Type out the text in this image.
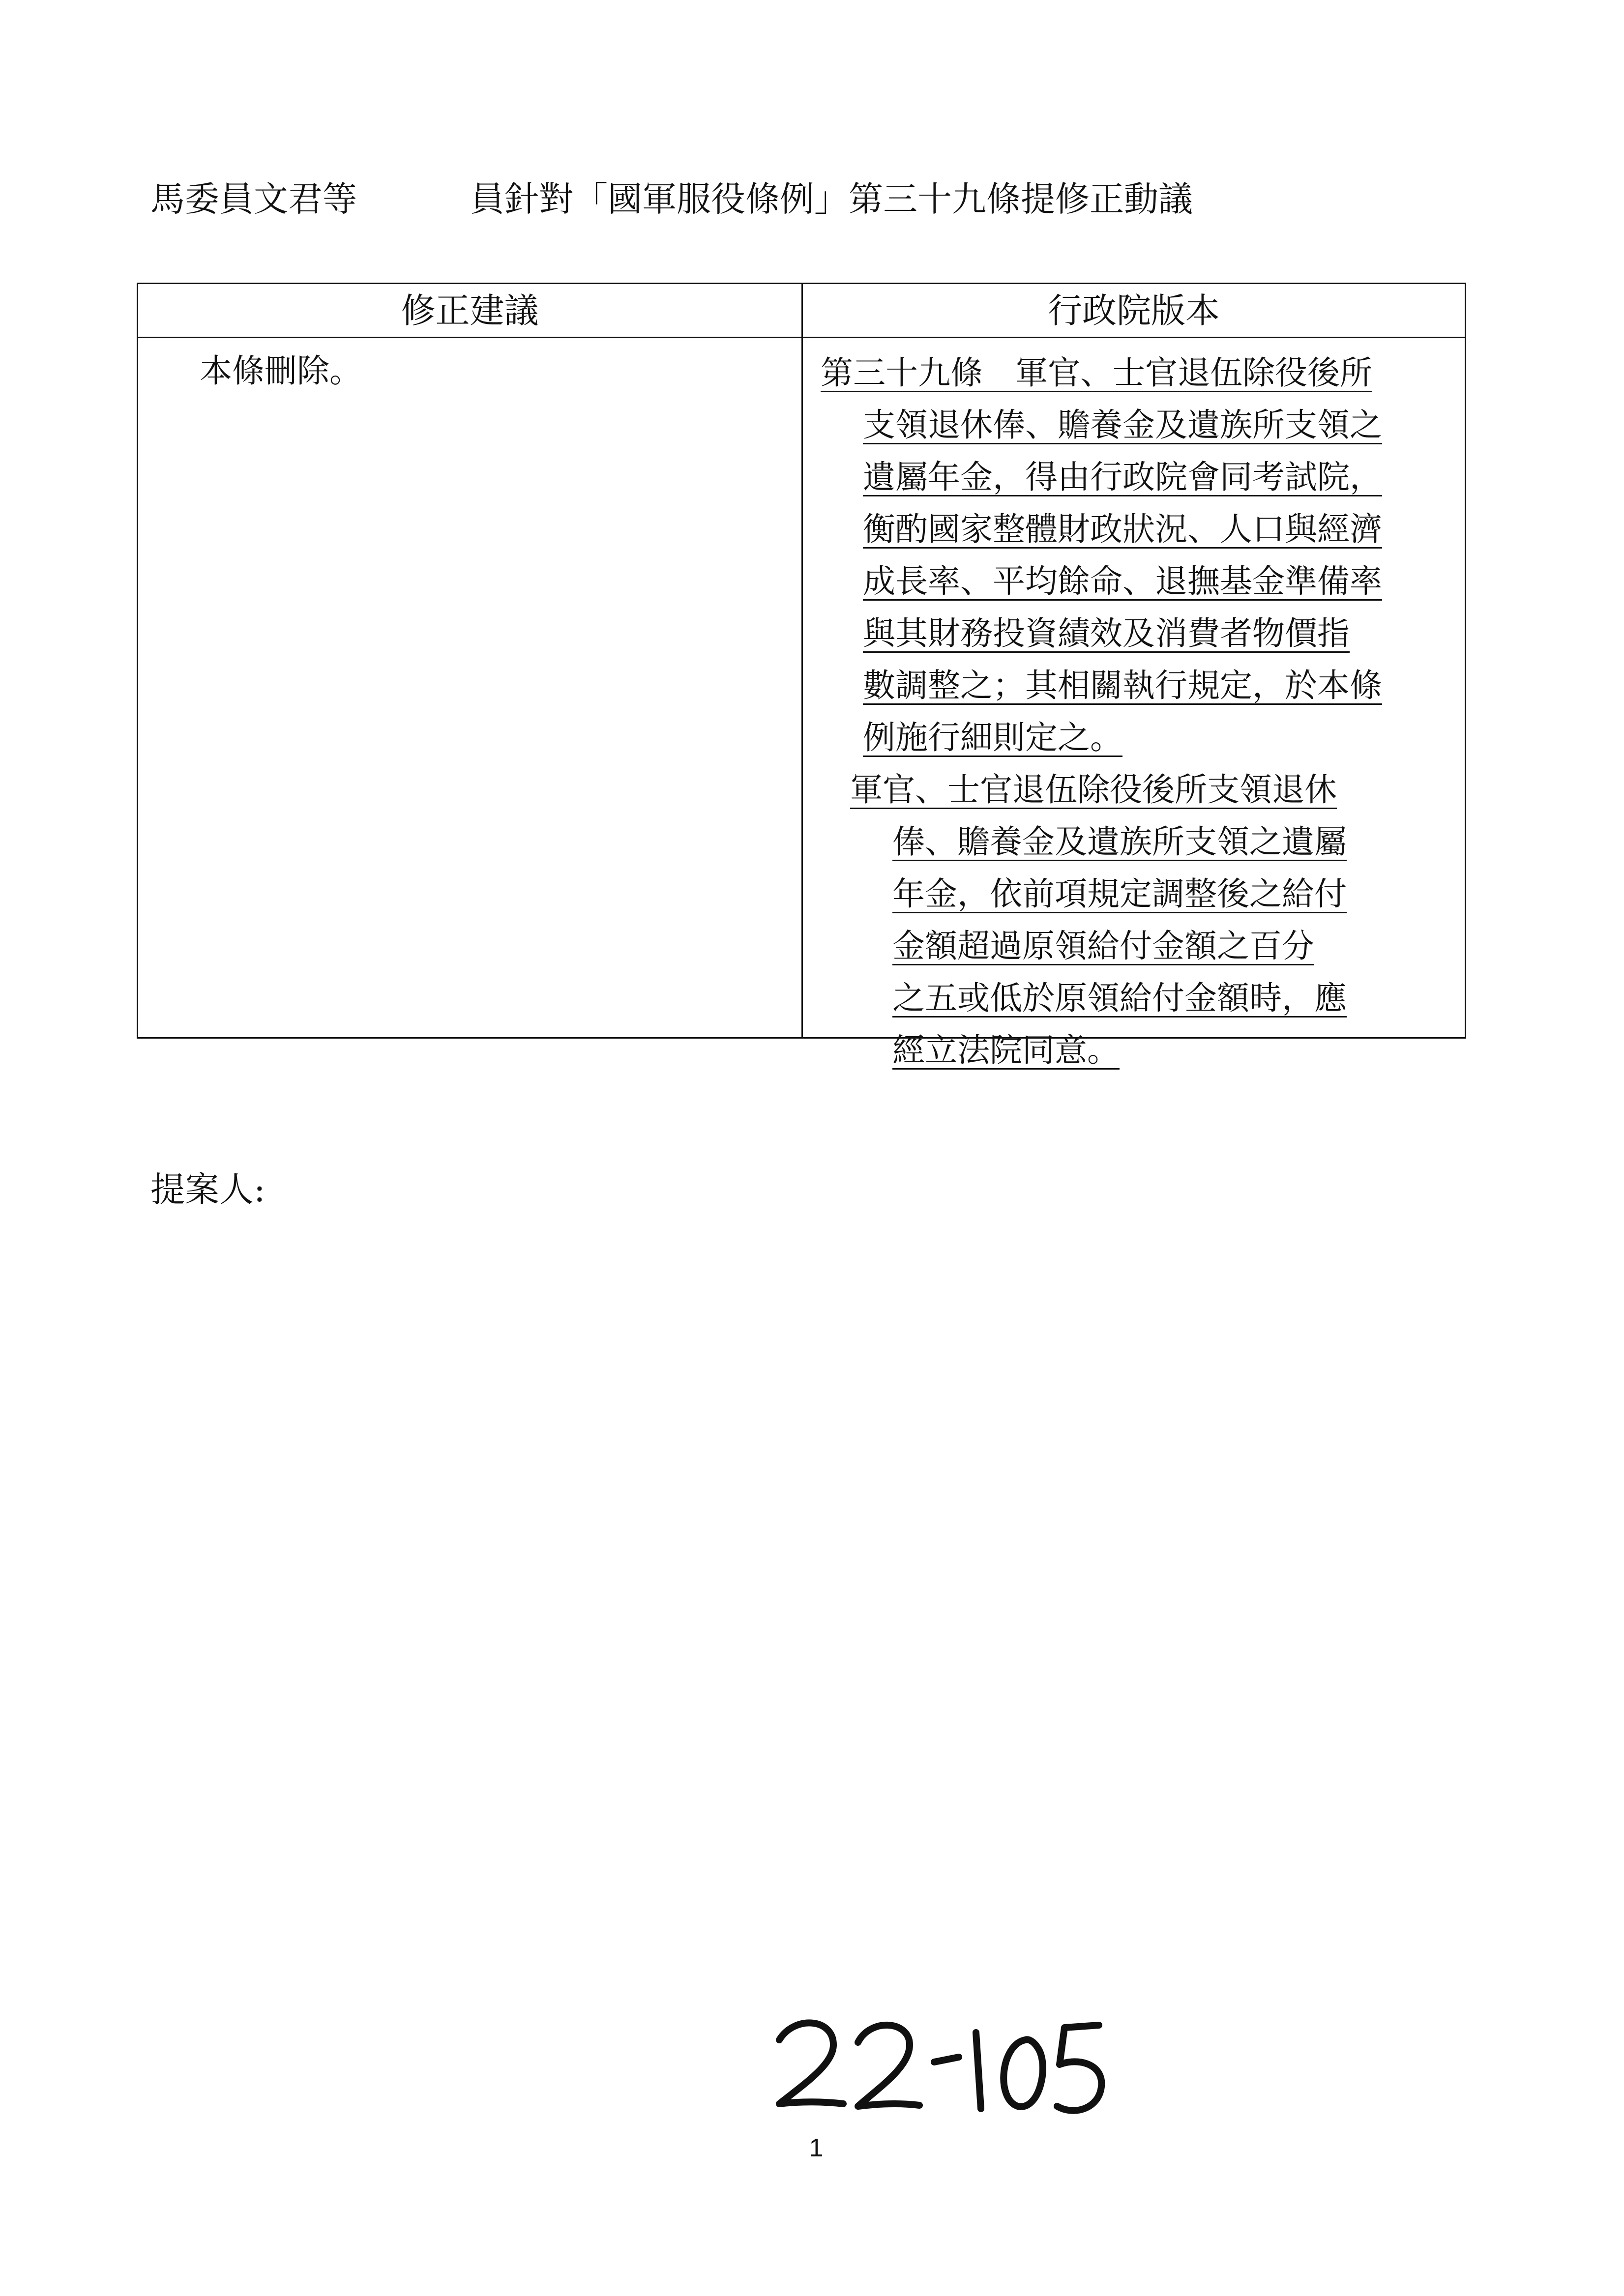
馬委員文君等	員針對「國軍服役條例」第三十九條提修正動議
修正建議
本條刪除。
行政院版本
第三十九條　軍官、士官退伍除役後所
支領退休俸、贍養金及遺族所支領之
遺屬年金，得由行政院會同考試院，
衡酌國家整體財政狀況、人口與經濟
成長率、平均餘命、退撫基金準備率
與其財務投資績效及消費者物價指
數調整之；其相關執行規定，於本條
例施行細則定之。
軍官、士官退伍除役後所支領退休
俸、贍養金及遺族所支領之遺屬
年金，依前項規定調整後之給付
金額超過原領給付金額之百分
之五或低於原領給付金額時，應
經立法院同意。
提案人:
1
